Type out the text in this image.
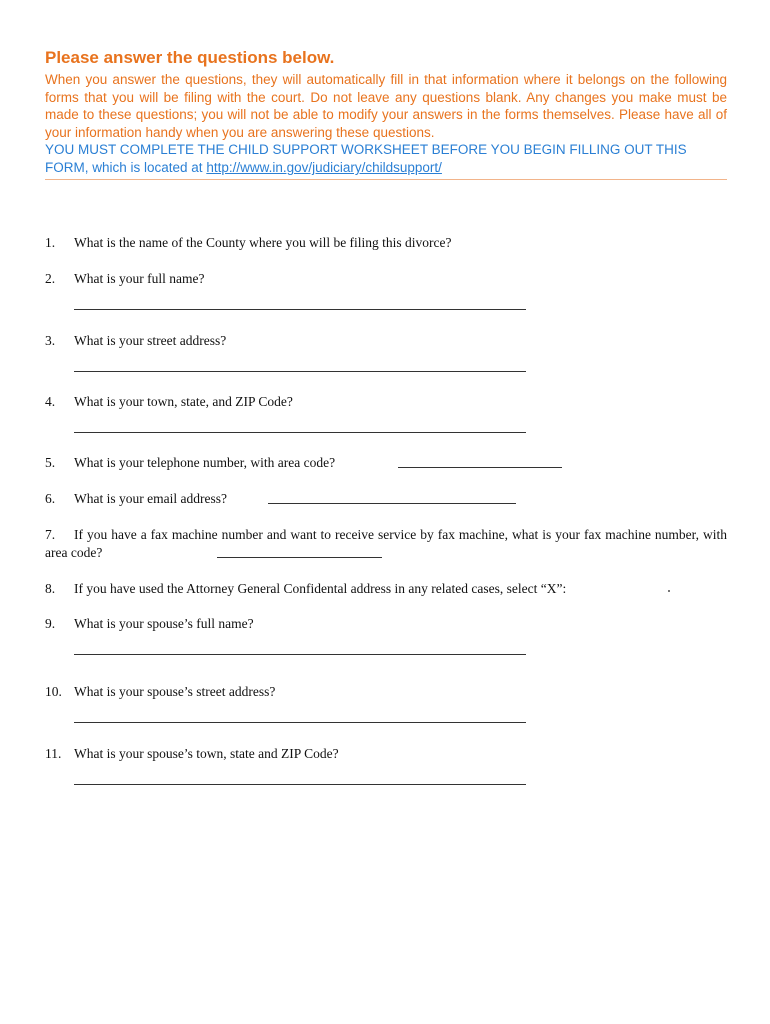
Please answer the questions below.

When you answer the questions, they will automatically fill in that information where it belongs on the following forms that you will be filing with the court. Do not leave any questions blank. Any changes you make must be made to these questions; you will not be able to modify your answers in the forms themselves. Please have all of your information handy when you are answering these questions.

YOU MUST COMPLETE THE CHILD SUPPORT WORKSHEET BEFORE YOU BEGIN FILLING OUT THIS FORM, which is located at http://www.in.gov/judiciary/childsupport/

1. What is the name of the County where you will be filing this divorce?
2. What is your full name?
3. What is your street address?
4. What is your town, state, and ZIP Code?
5. What is your telephone number, with area code?
6. What is your email address?
7. If you have a fax machine number and want to receive service by fax machine, what is your fax machine number, with area code?
8. If you have used the Attorney General Confidental address in any related cases, select “X”:
9. What is your spouse’s full name?
10. What is your spouse’s street address?
11. What is your spouse’s town, state and ZIP Code?
